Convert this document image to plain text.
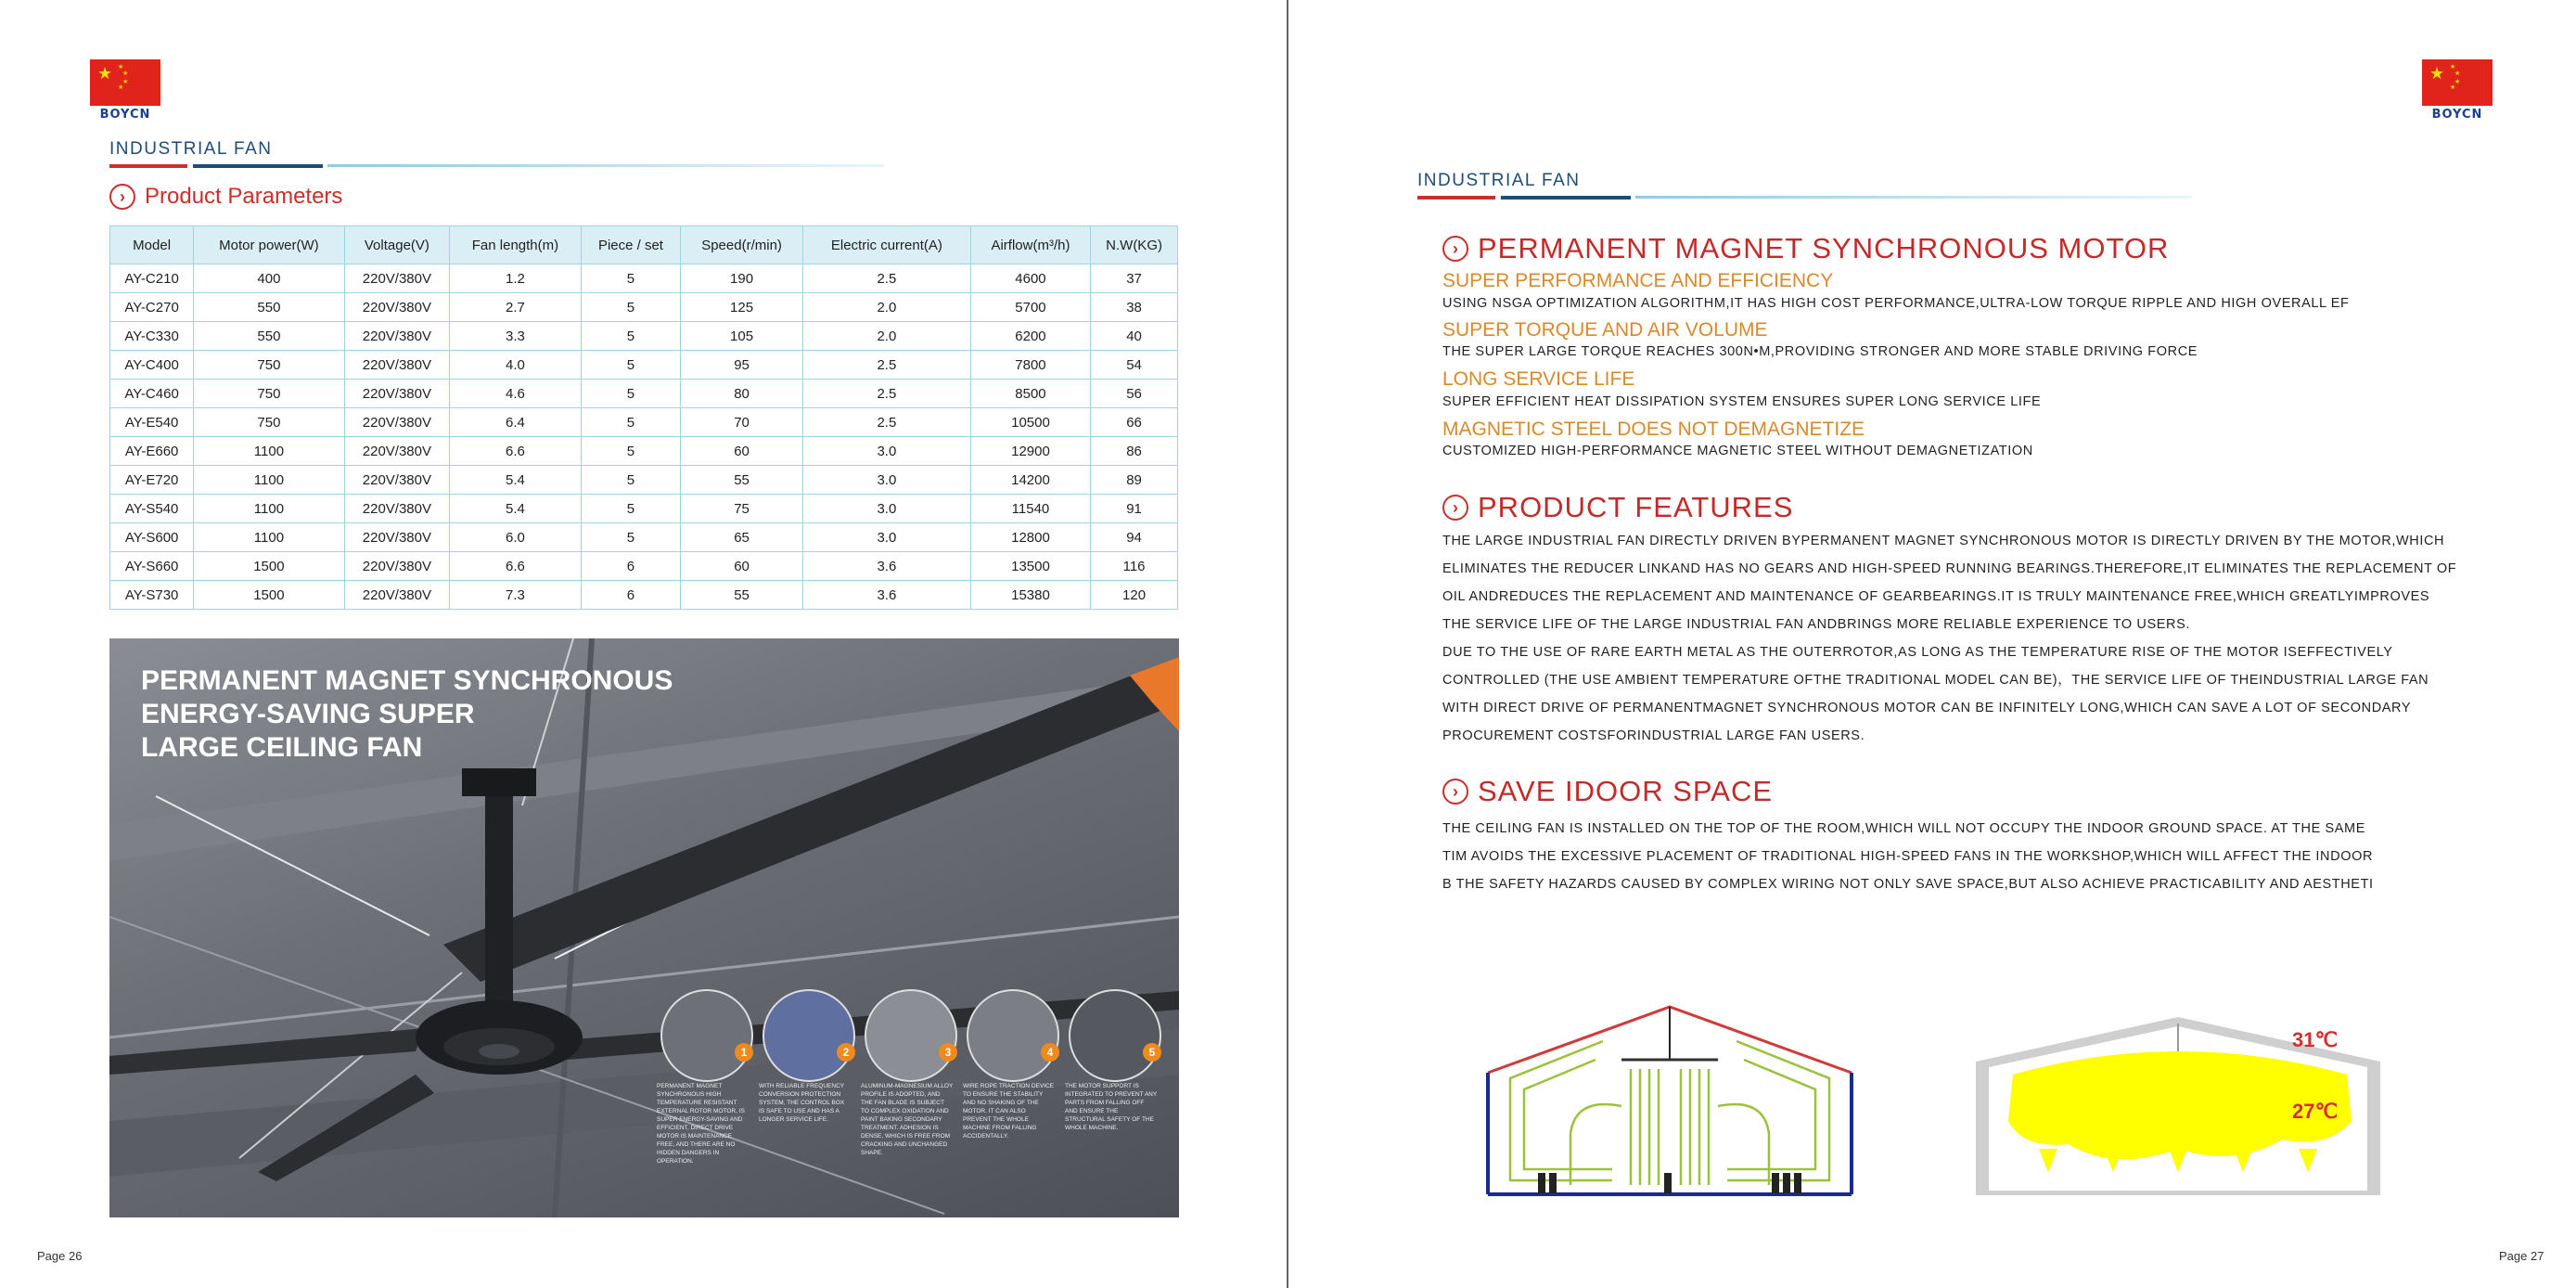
★ ★
★
★
★
BOYCN
INDUSTRIAL FAN
› Product Parameters
Model	Motor power(W)	Voltage(V)	Fan length(m)	Piece / set	Speed(r/min)	Electric current(A)	Airflow(m³/h)	N.W(KG)
AY-C210	400	220V/380V	1.2	5	190	2.5	4600	37
AY-C270	550	220V/380V	2.7	5	125	2.0	5700	38
AY-C330	550	220V/380V	3.3	5	105	2.0	6200	40
AY-C400	750	220V/380V	4.0	5	95	2.5	7800	54
AY-C460	750	220V/380V	4.6	5	80	2.5	8500	56
AY-E540	750	220V/380V	6.4	5	70	2.5	10500	66
AY-E660	1100	220V/380V	6.6	5	60	3.0	12900	86
AY-E720	1100	220V/380V	5.4	5	55	3.0	14200	89
AY-S540	1100	220V/380V	5.4	5	75	3.0	11540	91
AY-S600	1100	220V/380V	6.0	5	65	3.0	12800	94
AY-S660	1500	220V/380V	6.6	6	60	3.6	13500	116
AY-S730	1500	220V/380V	7.3	6	55	3.6	15380	120
PERMANENT MAGNET SYNCHRONOUS
ENERGY-SAVING SUPER
LARGE CEILING FAN
1
PERMANENT MAGNET SYNCHRONOUS HIGH TEMPERATURE RESISTANT EXTERNAL ROTOR MOTOR, IS SUPER ENERGY-SAVING AND EFFICIENT, DIRECT DRIVE MOTOR IS MAINTENANCE FREE, AND THERE ARE NO HIDDEN DANGERS IN OPERATION.
2
WITH RELIABLE FREQUENCY CONVERSION PROTECTION SYSTEM, THE CONTROL BOX IS SAFE TO USE AND HAS A LONGER SERVICE LIFE.
3
ALUMINUM-MAGNESIUM ALLOY PROFILE IS ADOPTED, AND THE FAN BLADE IS SUBJECT TO COMPLEX OXIDATION AND PAINT BAKING SECONDARY TREATMENT. ADHESION IS DENSE, WHICH IS FREE FROM CRACKING AND UNCHANGED SHAPE.
4
WIRE ROPE TRACTION DEVICE TO ENSURE THE STABILITY AND NO SHAKING OF THE MOTOR. IT CAN ALSO PREVENT THE WHOLE MACHINE FROM FALLING ACCIDENTALLY.
5
THE MOTOR SUPPORT IS INTEGRATED TO PREVENT ANY PARTS FROM FALLING OFF AND ENSURE THE STRUCTURAL SAFETY OF THE WHOLE MACHINE.
Page 26
★ ★
★
★
★
BOYCN
INDUSTRIAL FAN
› PERMANENT MAGNET SYNCHRONOUS MOTOR
SUPER PERFORMANCE AND EFFICIENCY
USING NSGA OPTIMIZATION ALGORITHM,IT HAS HIGH COST PERFORMANCE,ULTRA-LOW TORQUE RIPPLE AND HIGH OVERALL EF
SUPER TORQUE AND AIR VOLUME
THE SUPER LARGE TORQUE REACHES 300N•M,PROVIDING STRONGER AND MORE STABLE DRIVING FORCE
LONG SERVICE LIFE
SUPER EFFICIENT HEAT DISSIPATION SYSTEM ENSURES SUPER LONG SERVICE LIFE
MAGNETIC STEEL DOES NOT DEMAGNETIZE
CUSTOMIZED HIGH-PERFORMANCE MAGNETIC STEEL WITHOUT DEMAGNETIZATION
› PRODUCT FEATURES
THE LARGE INDUSTRIAL FAN DIRECTLY DRIVEN BYPERMANENT MAGNET SYNCHRONOUS MOTOR IS DIRECTLY DRIVEN BY THE MOTOR,WHICH
ELIMINATES THE REDUCER LINKAND HAS NO GEARS AND HIGH-SPEED RUNNING BEARINGS.THEREFORE,IT ELIMINATES THE REPLACEMENT OF
OIL ANDREDUCES THE REPLACEMENT AND MAINTENANCE OF GEARBEARINGS.IT IS TRULY MAINTENANCE FREE,WHICH GREATLYIMPROVES
THE SERVICE LIFE OF THE LARGE INDUSTRIAL FAN ANDBRINGS MORE RELIABLE EXPERIENCE TO USERS.
DUE TO THE USE OF RARE EARTH METAL AS THE OUTERROTOR,AS LONG AS THE TEMPERATURE RISE OF THE MOTOR ISEFFECTIVELY
CONTROLLED (THE USE AMBIENT TEMPERATURE OFTHE TRADITIONAL MODEL CAN BE)，THE SERVICE LIFE OF THEINDUSTRIAL LARGE FAN
WITH DIRECT DRIVE OF PERMANENTMAGNET SYNCHRONOUS MOTOR CAN BE INFINITELY LONG,WHICH CAN SAVE A LOT OF SECONDARY
PROCUREMENT COSTSFORINDUSTRIAL LARGE FAN USERS.
› SAVE IDOOR SPACE
THE CEILING FAN IS INSTALLED ON THE TOP OF THE ROOM,WHICH WILL NOT OCCUPY THE INDOOR GROUND SPACE. AT THE SAME
TIM AVOIDS THE EXCESSIVE PLACEMENT OF TRADITIONAL HIGH-SPEED FANS IN THE WORKSHOP,WHICH WILL AFFECT THE INDOOR
B THE SAFETY HAZARDS CAUSED BY COMPLEX WIRING NOT ONLY SAVE SPACE,BUT ALSO ACHIEVE PRACTICABILITY AND AESTHETI
31℃
27℃
Page 27
